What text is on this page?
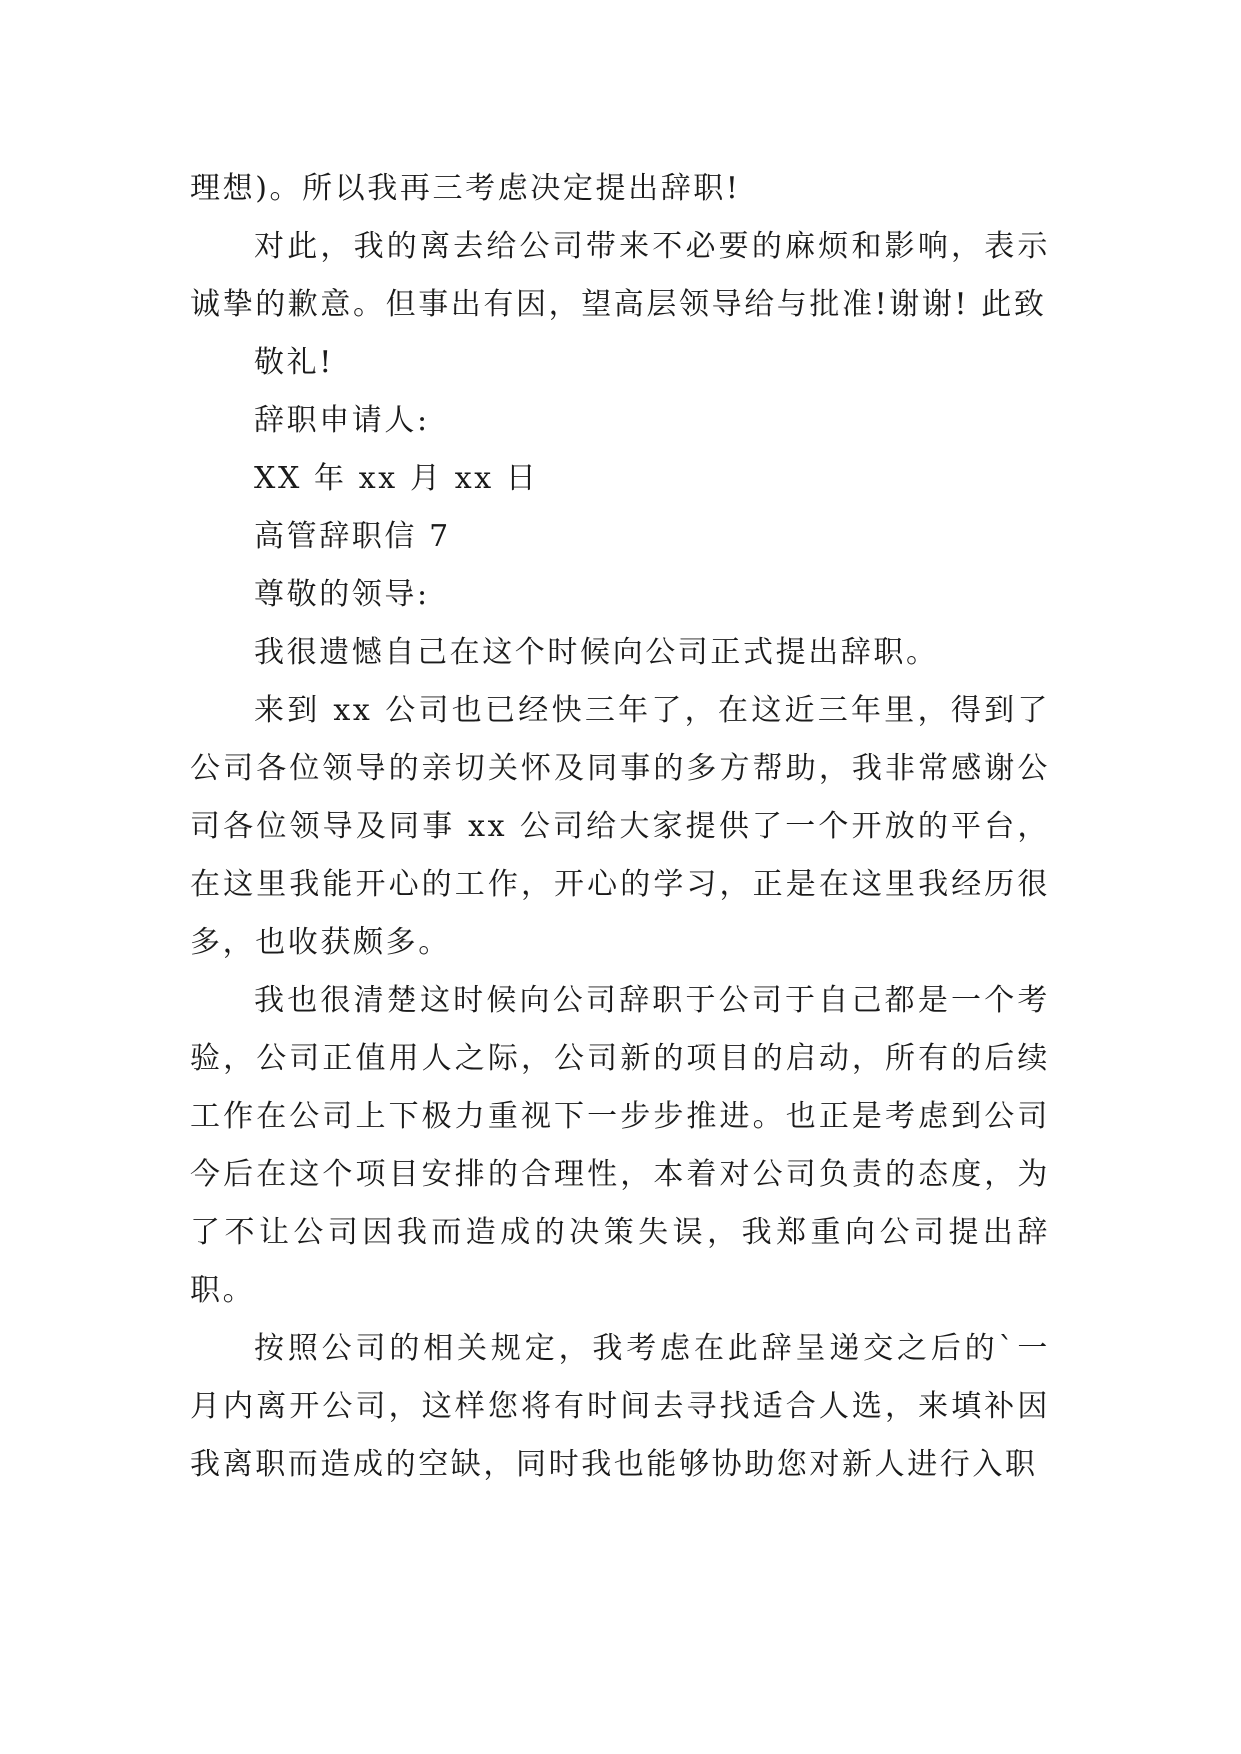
理想)。所以我再三考虑决定提出辞职!

对此，我的离去给公司带来不必要的麻烦和影响，表示诚挚的歉意。但事出有因，望高层领导给与批准!谢谢! 此致

敬礼!

辞职申请人:

XX 年 xx 月 xx 日

高管辞职信 7

尊敬的领导:

我很遗憾自己在这个时候向公司正式提出辞职。

来到 xx 公司也已经快三年了，在这近三年里，得到了公司各位领导的亲切关怀及同事的多方帮助，我非常感谢公司各位领导及同事 xx 公司给大家提供了一个开放的平台，在这里我能开心的工作，开心的学习，正是在这里我经历很多，也收获颇多。

我也很清楚这时候向公司辞职于公司于自己都是一个考验，公司正值用人之际，公司新的项目的启动，所有的后续工作在公司上下极力重视下一步步推进。也正是考虑到公司今后在这个项目安排的合理性，本着对公司负责的态度，为了不让公司因我而造成的决策失误，我郑重向公司提出辞职。

按照公司的相关规定，我考虑在此辞呈递交之后的`一月内离开公司，这样您将有时间去寻找适合人选，来填补因我离职而造成的空缺，同时我也能够协助您对新人进行入职
